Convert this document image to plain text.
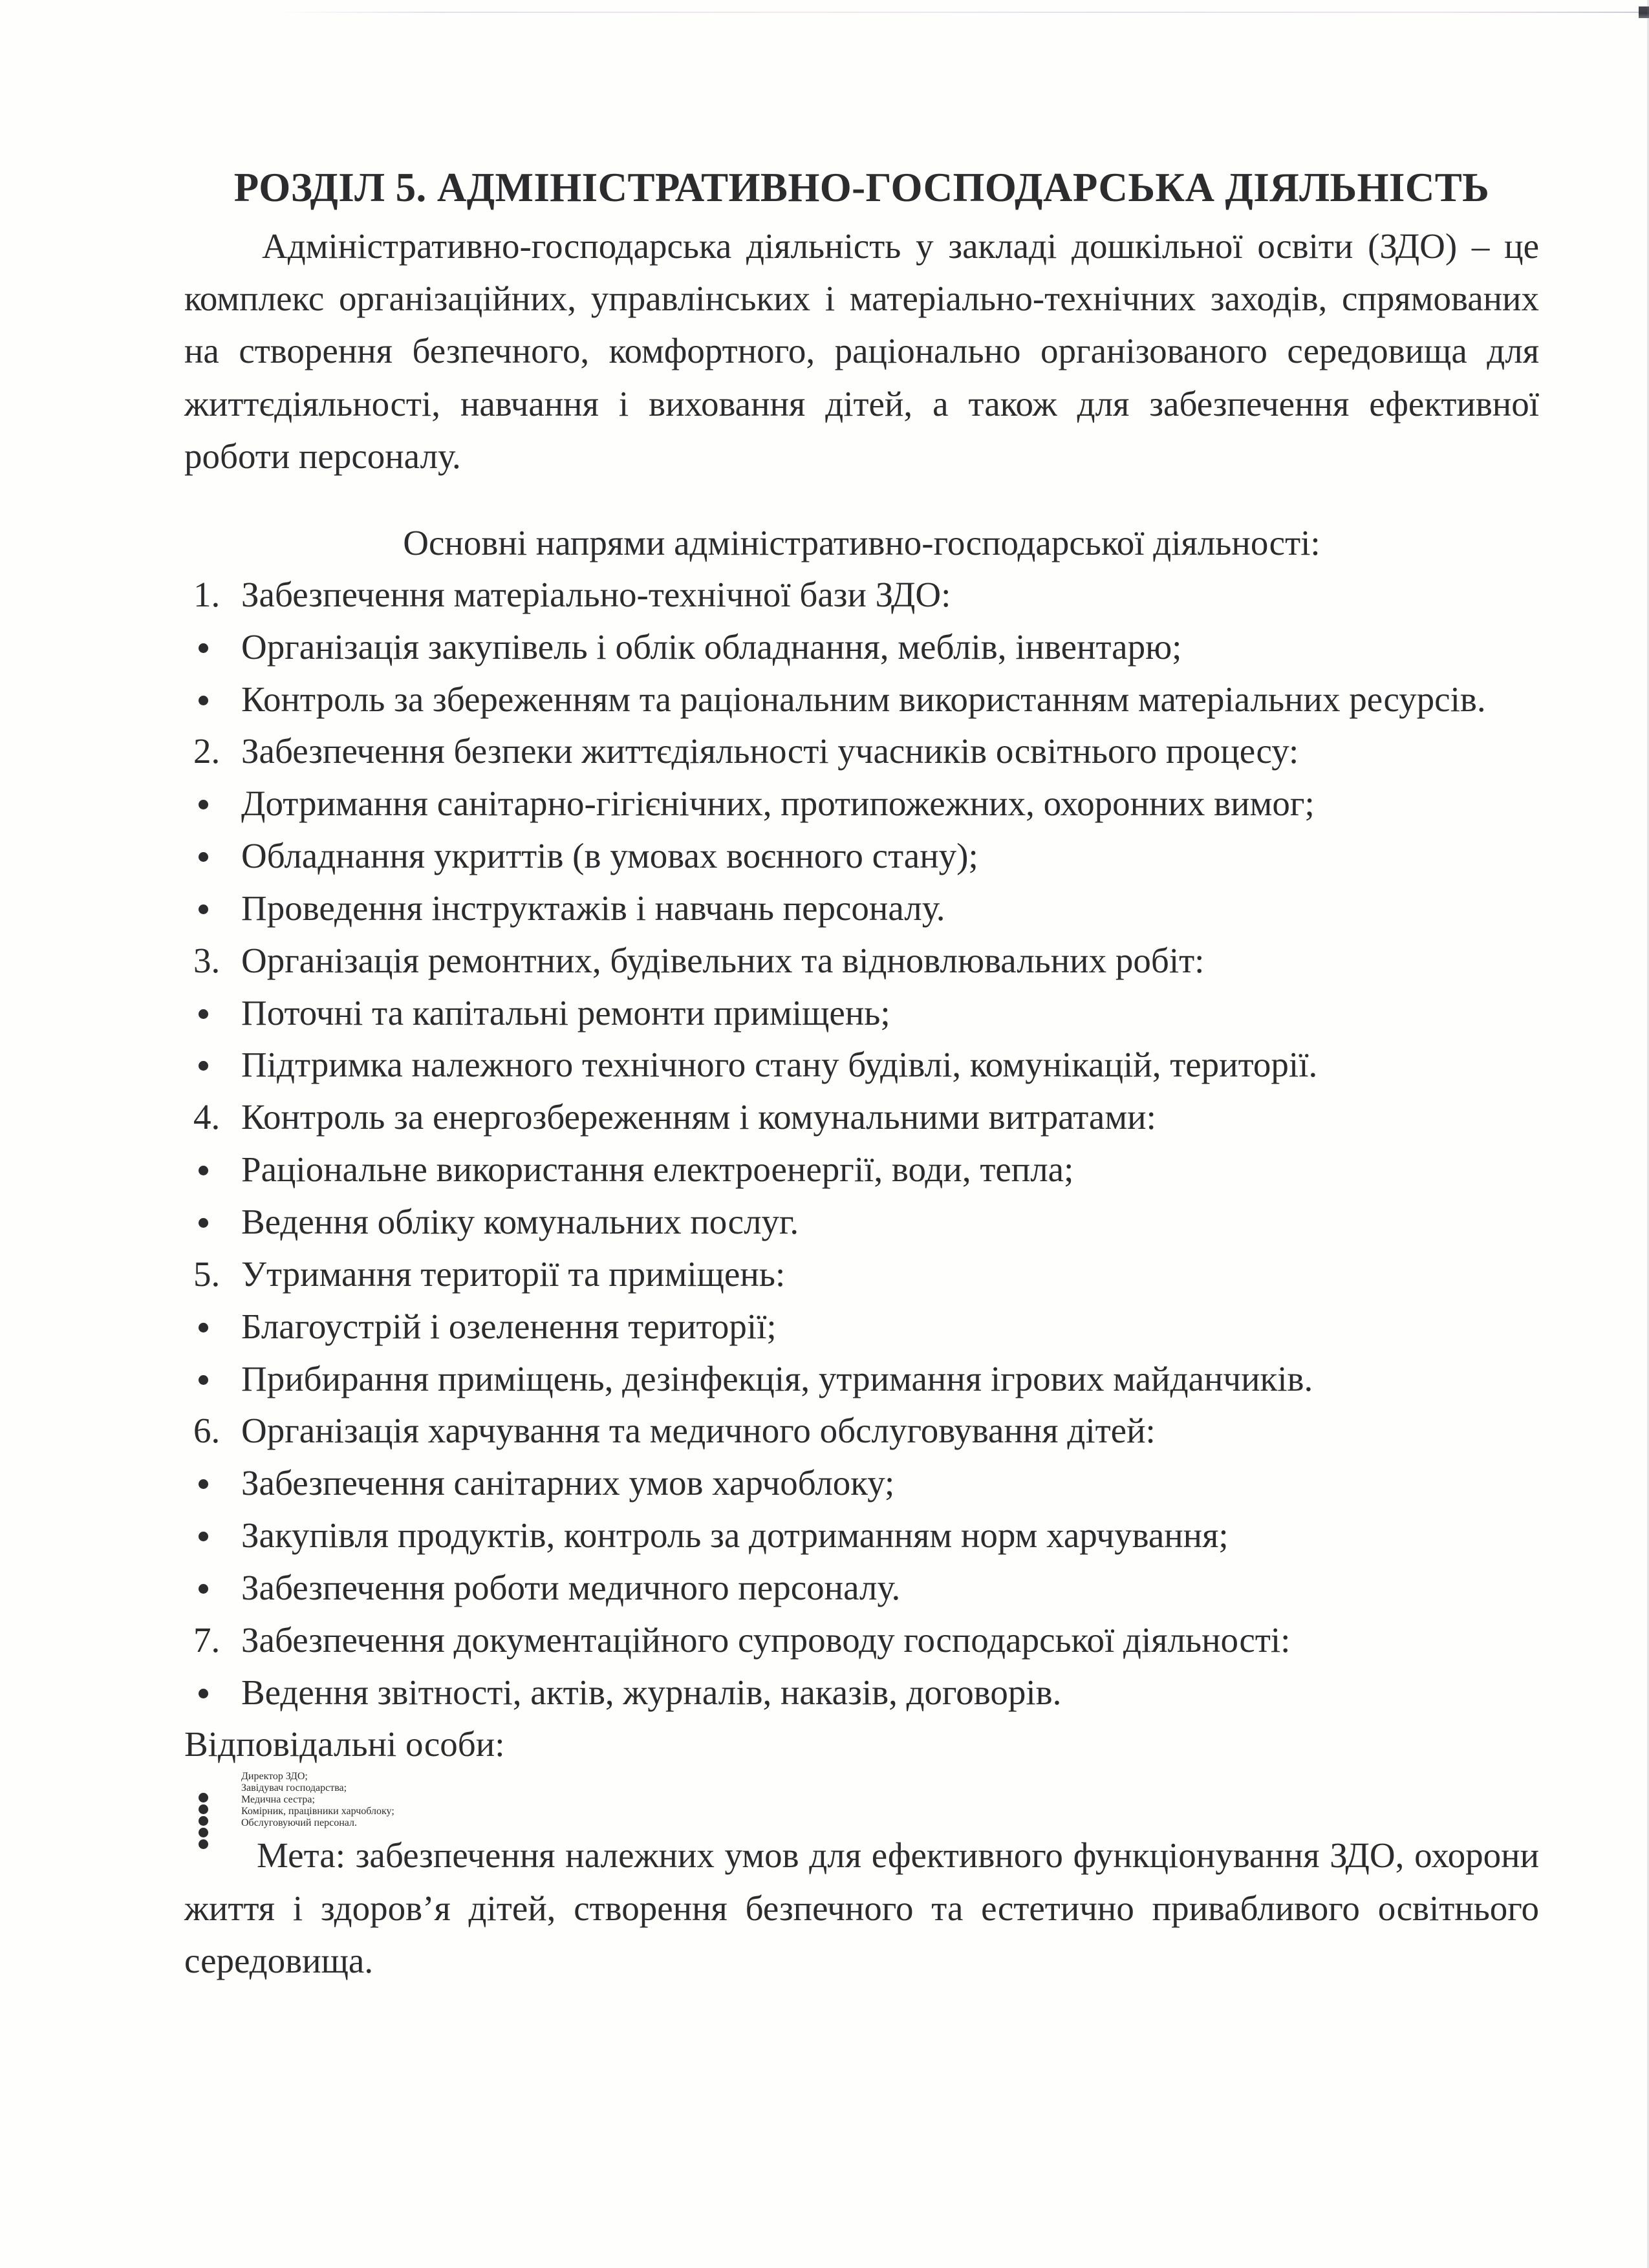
РОЗДІЛ 5. АДМІНІСТРАТИВНО-ГОСПОДАРСЬКА ДІЯЛЬНІСТЬ

Адміністративно-господарська діяльність у закладі дошкільної освіти (ЗДО) – це комплекс організаційних, управлінських і матеріально-технічних заходів, спрямованих на створення безпечного, комфортного, раціонально організованого середовища для життєдіяльності, навчання і виховання дітей, а також для забезпечення ефективної роботи персоналу.

Основні напрями адміністративно-господарської діяльності:

1. Забезпечення матеріально-технічної бази ЗДО:
Організація закупівель і облік обладнання, меблів, інвентарю;
Контроль за збереженням та раціональним використанням матеріальних ресурсів.
2. Забезпечення безпеки життєдіяльності учасників освітнього процесу:
Дотримання санітарно-гігієнічних, протипожежних, охоронних вимог;
Обладнання укриттів (в умовах воєнного стану);
Проведення інструктажів і навчань персоналу.
3. Організація ремонтних, будівельних та відновлювальних робіт:
Поточні та капітальні ремонти приміщень;
Підтримка належного технічного стану будівлі, комунікацій, території.
4. Контроль за енергозбереженням і комунальними витратами:
Раціональне використання електроенергії, води, тепла;
Ведення обліку комунальних послуг.
5. Утримання території та приміщень:
Благоустрій і озеленення території;
Прибирання приміщень, дезінфекція, утримання ігрових майданчиків.
6. Організація харчування та медичного обслуговування дітей:
Забезпечення санітарних умов харчоблоку;
Закупівля продуктів, контроль за дотриманням норм харчування;
Забезпечення роботи медичного персоналу.
7. Забезпечення документаційного супроводу господарської діяльності:
Ведення звітності, актів, журналів, наказів, договорів.

Відповідальні особи:

Директор ЗДО;
Завідувач господарства;
Медична сестра;
Комірник, працівники харчоблоку;
Обслуговуючий персонал.

Мета: забезпечення належних умов для ефективного функціонування ЗДО, охорони життя і здоров’я дітей, створення безпечного та естетично привабливого освітнього середовища.
